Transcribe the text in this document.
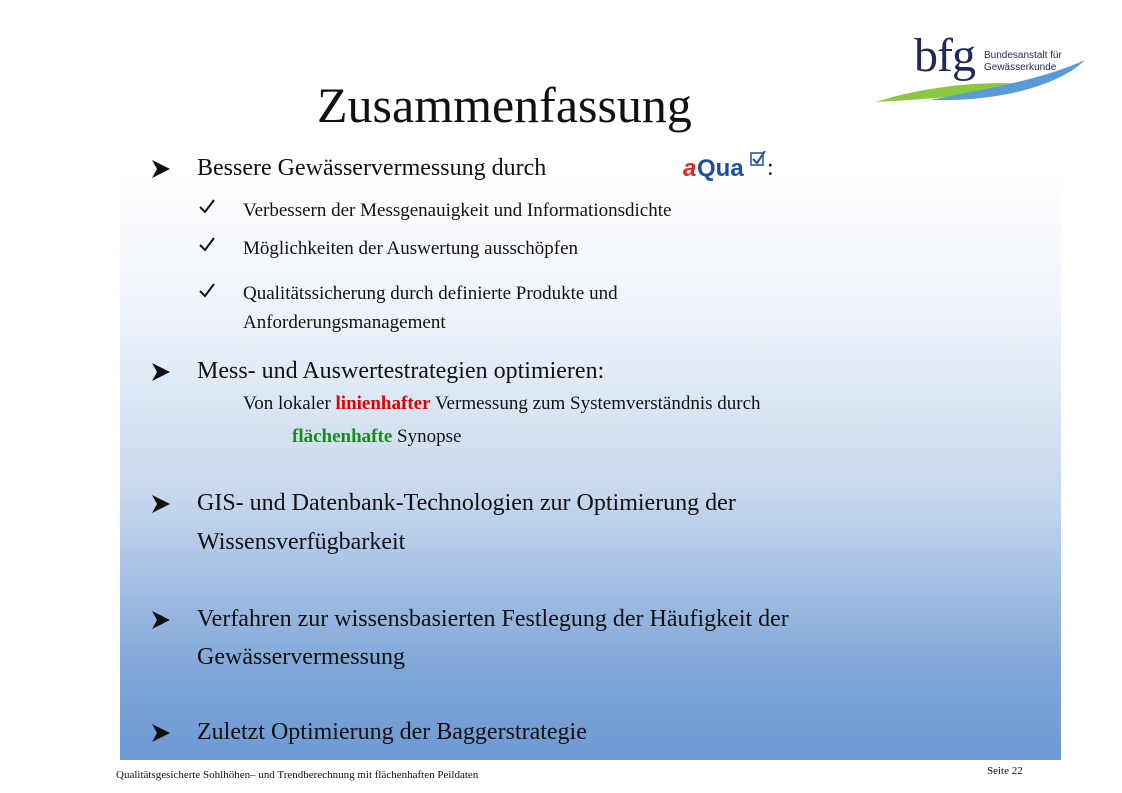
bfg Bundesanstalt für
Gewässerkunde
Zusammenfassung
Bessere Gewässervermessung durch	a Qua :
Verbessern der Messgenauigkeit und Informationsdichte
Möglichkeiten der Auswertung ausschöpfen
Qualitätssicherung durch definierte Produkte und
Anforderungsmanagement
Mess- und Auswertestrategien optimieren:
Von lokaler linienhafter Vermessung zum Systemverständnis durch
flächenhafte Synopse
GIS- und Datenbank-Technologien zur Optimierung der
Wissensverfügbarkeit
Verfahren zur wissensbasierten Festlegung der Häufigkeit der
Gewässervermessung
Zuletzt Optimierung der Baggerstrategie
Qualitätsgesicherte Sohlhöhen– und Trendberechnung mit flächenhaften Peildaten	Seite 22
